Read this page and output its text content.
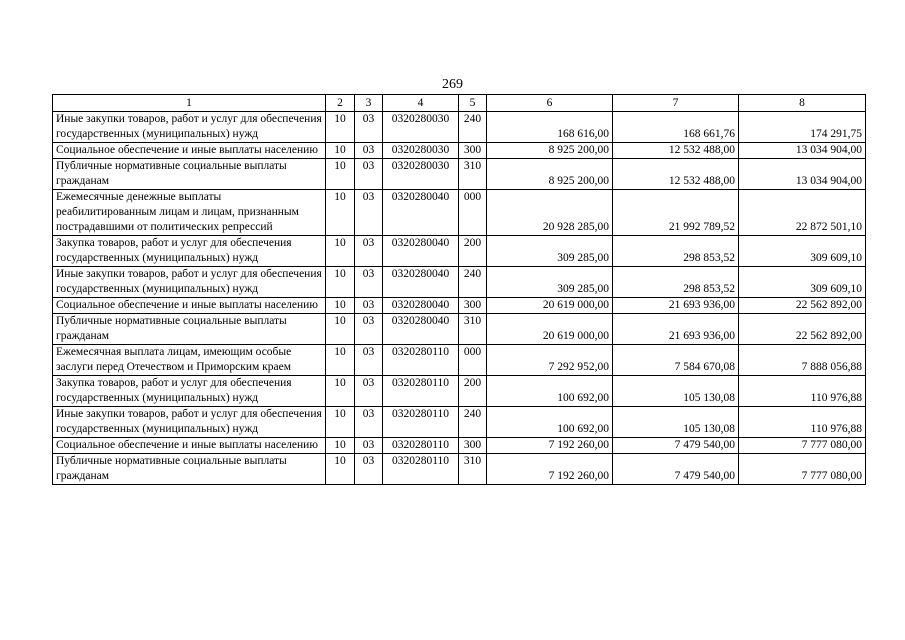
269
1	2	3	4	5	6	7	8
Иные закупки товаров, работ и услуг для обеспечения государственных (муниципальных) нужд	10	03	0320280030	240	168 616,00	168 661,76	174 291,75
Социальное обеспечение и иные выплаты населению	10	03	0320280030	300	8 925 200,00	12 532 488,00	13 034 904,00
Публичные нормативные социальные выплаты гражданам	10	03	0320280030	310	8 925 200,00	12 532 488,00	13 034 904,00
Ежемесячные денежные выплаты реабилитированным лицам и лицам, признанным пострадавшими от политических репрессий	10	03	0320280040	000	20 928 285,00	21 992 789,52	22 872 501,10
Закупка товаров, работ и услуг для обеспечения государственных (муниципальных) нужд	10	03	0320280040	200	309 285,00	298 853,52	309 609,10
Иные закупки товаров, работ и услуг для обеспечения государственных (муниципальных) нужд	10	03	0320280040	240	309 285,00	298 853,52	309 609,10
Социальное обеспечение и иные выплаты населению	10	03	0320280040	300	20 619 000,00	21 693 936,00	22 562 892,00
Публичные нормативные социальные выплаты гражданам	10	03	0320280040	310	20 619 000,00	21 693 936,00	22 562 892,00
Ежемесячная выплата лицам, имеющим особые заслуги перед Отечеством и Приморским краем	10	03	0320280110	000	7 292 952,00	7 584 670,08	7 888 056,88
Закупка товаров, работ и услуг для обеспечения государственных (муниципальных) нужд	10	03	0320280110	200	100 692,00	105 130,08	110 976,88
Иные закупки товаров, работ и услуг для обеспечения государственных (муниципальных) нужд	10	03	0320280110	240	100 692,00	105 130,08	110 976,88
Социальное обеспечение и иные выплаты населению	10	03	0320280110	300	7 192 260,00	7 479 540,00	7 777 080,00
Публичные нормативные социальные выплаты гражданам	10	03	0320280110	310	7 192 260,00	7 479 540,00	7 777 080,00
